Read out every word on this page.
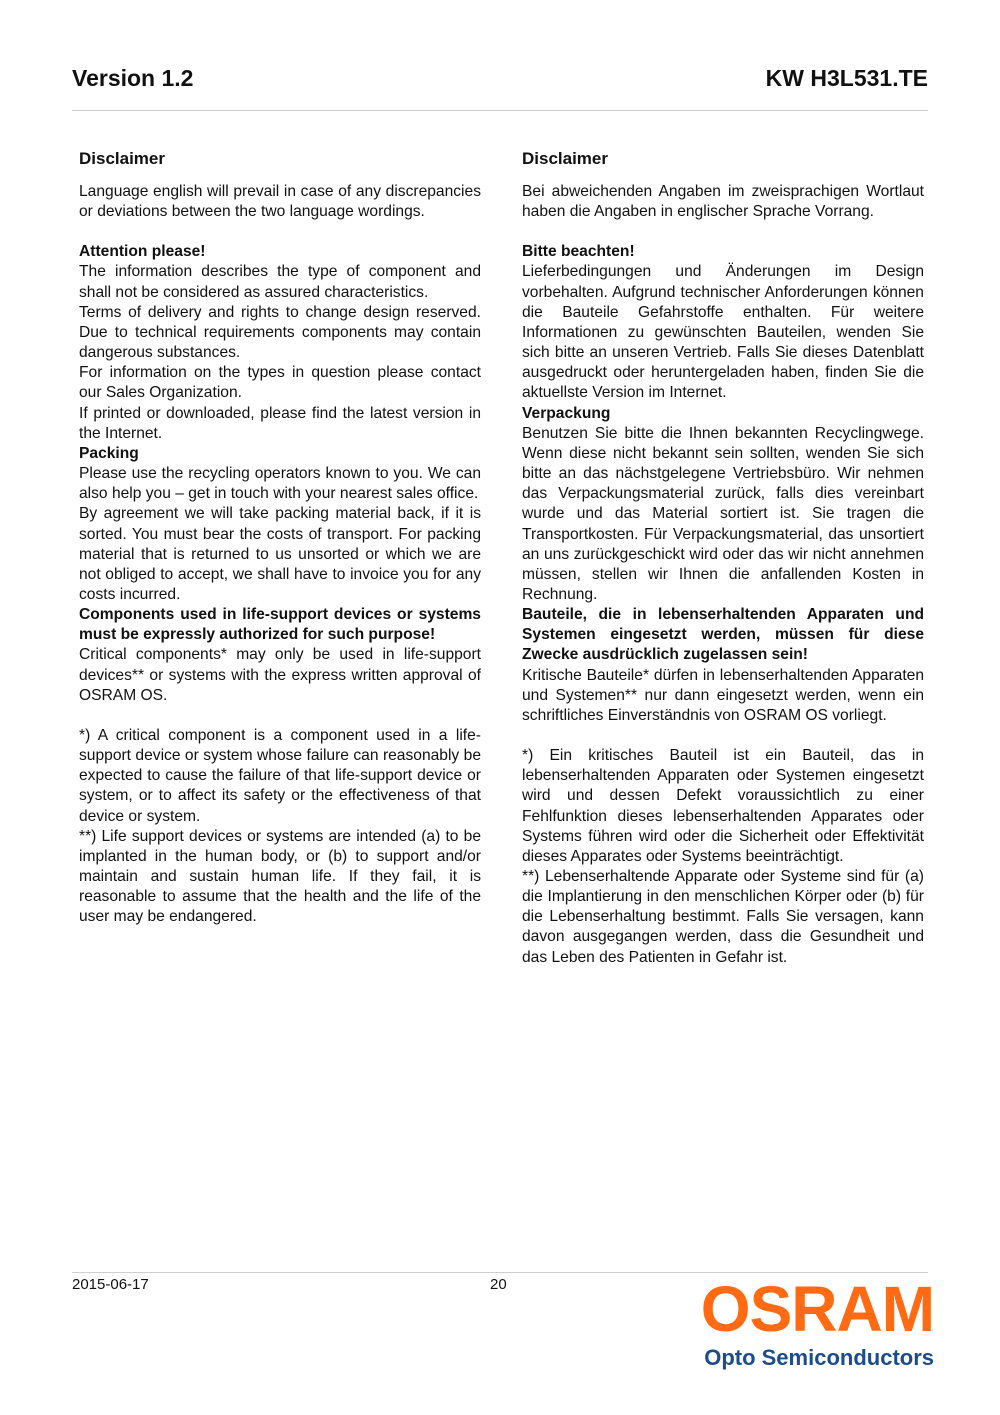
Version 1.2	KW H3L531.TE
Disclaimer

Language english will prevail in case of any discrepancies or deviations between the two language wordings.

Attention please!

The information describes the type of component and shall not be considered as assured characteristics.

Terms of delivery and rights to change design reserved. Due to technical requirements components may contain dangerous substances.

For information on the types in question please contact our Sales Organization.

If printed or downloaded, please find the latest version in the Internet.

Packing

Please use the recycling operators known to you. We can also help you – get in touch with your nearest sales office.

By agreement we will take packing material back, if it is sorted. You must bear the costs of transport. For packing material that is returned to us unsorted or which we are not obliged to accept, we shall have to invoice you for any costs incurred.

Components used in life-support devices or systems must be expressly authorized for such purpose!

Critical components* may only be used in life-support devices** or systems with the express written approval of OSRAM OS.

*) A critical component is a component used in a life-support device or system whose failure can reasonably be expected to cause the failure of that life-support device or system, or to affect its safety or the effectiveness of that device or system.

**) Life support devices or systems are intended (a) to be implanted in the human body, or (b) to support and/or maintain and sustain human life. If they fail, it is reasonable to assume that the health and the life of the user may be endangered.

Disclaimer

Bei abweichenden Angaben im zweisprachigen Wortlaut haben die Angaben in englischer Sprache Vorrang.

Bitte beachten!

Lieferbedingungen und Änderungen im Design vorbehalten. Aufgrund technischer Anforderungen können die Bauteile Gefahrstoffe enthalten. Für weitere Informationen zu gewünschten Bauteilen, wenden Sie sich bitte an unseren Vertrieb. Falls Sie dieses Datenblatt ausgedruckt oder heruntergeladen haben, finden Sie die aktuellste Version im Internet.

Verpackung

Benutzen Sie bitte die Ihnen bekannten Recyclingwege. Wenn diese nicht bekannt sein sollten, wenden Sie sich bitte an das nächstgelegene Vertriebsbüro. Wir nehmen das Verpackungsmaterial zurück, falls dies vereinbart wurde und das Material sortiert ist. Sie tragen die Transportkosten. Für Verpackungsmaterial, das unsortiert an uns zurückgeschickt wird oder das wir nicht annehmen müssen, stellen wir Ihnen die anfallenden Kosten in Rechnung.

Bauteile, die in lebenserhaltenden Apparaten und Systemen eingesetzt werden, müssen für diese Zwecke ausdrücklich zugelassen sein!

Kritische Bauteile* dürfen in lebenserhaltenden Apparaten und Systemen** nur dann eingesetzt werden, wenn ein schriftliches Einverständnis von OSRAM OS vorliegt.

*) Ein kritisches Bauteil ist ein Bauteil, das in lebenserhaltenden Apparaten oder Systemen eingesetzt wird und dessen Defekt voraussichtlich zu einer Fehlfunktion dieses lebenserhaltenden Apparates oder Systems führen wird oder die Sicherheit oder Effektivität dieses Apparates oder Systems beeinträchtigt.

**) Lebenserhaltende Apparate oder Systeme sind für (a) die Implantierung in den menschlichen Körper oder (b) für die Lebenserhaltung bestimmt. Falls Sie versagen, kann davon ausgegangen werden, dass die Gesundheit und das Leben des Patienten in Gefahr ist.

2015-06-17	20	OSRAM
Opto Semiconductors
